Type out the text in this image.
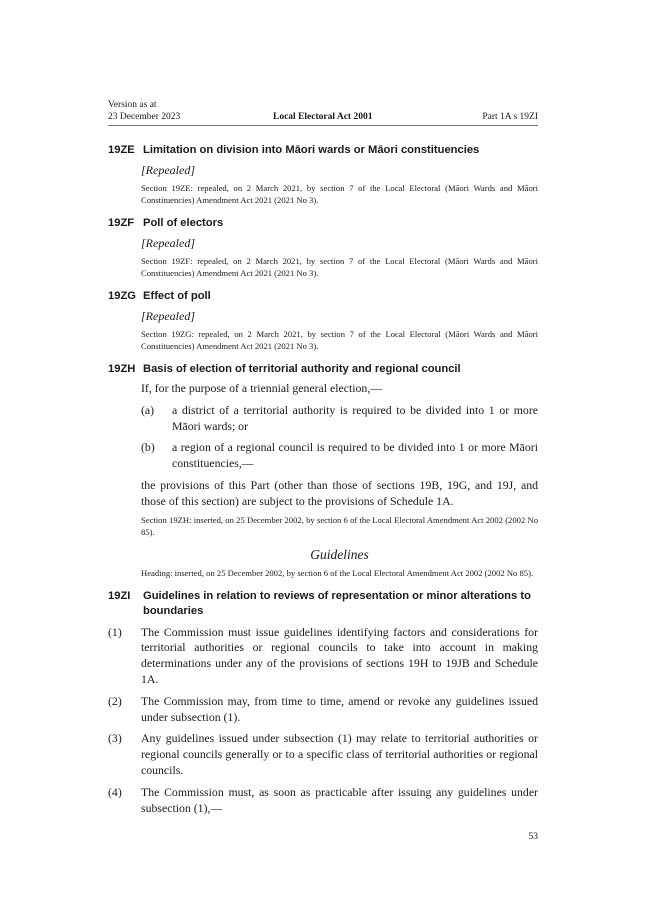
Version as at
23 December 2023	Local Electoral Act 2001	Part 1A s 19ZI
19ZE Limitation on division into Māori wards or Māori constituencies
[Repealed]
Section 19ZE: repealed, on 2 March 2021, by section 7 of the Local Electoral (Māori Wards and Māori Constituencies) Amendment Act 2021 (2021 No 3).
19ZF Poll of electors
[Repealed]
Section 19ZF: repealed, on 2 March 2021, by section 7 of the Local Electoral (Māori Wards and Māori Constituencies) Amendment Act 2021 (2021 No 3).
19ZG Effect of poll
[Repealed]
Section 19ZG: repealed, on 2 March 2021, by section 7 of the Local Electoral (Māori Wards and Māori Constituencies) Amendment Act 2021 (2021 No 3).
19ZH Basis of election of territorial authority and regional council
If, for the purpose of a triennial general election,—
(a)	a district of a territorial authority is required to be divided into 1 or more Māori wards; or
(b)	a region of a regional council is required to be divided into 1 or more Māori constituencies,—
the provisions of this Part (other than those of sections 19B, 19G, and 19J, and those of this section) are subject to the provisions of Schedule 1A.
Section 19ZH: inserted, on 25 December 2002, by section 6 of the Local Electoral Amendment Act 2002 (2002 No 85).
Guidelines
Heading: inserted, on 25 December 2002, by section 6 of the Local Electoral Amendment Act 2002 (2002 No 85).
19ZI	Guidelines in relation to reviews of representation or minor alterations to boundaries
(1)	The Commission must issue guidelines identifying factors and considerations for territorial authorities or regional councils to take into account in making determinations under any of the provisions of sections 19H to 19JB and Schedule 1A.
(2)	The Commission may, from time to time, amend or revoke any guidelines issued under subsection (1).
(3)	Any guidelines issued under subsection (1) may relate to territorial authorities or regional councils generally or to a specific class of territorial authorities or regional councils.
(4)	The Commission must, as soon as practicable after issuing any guidelines under subsection (1),—
53
